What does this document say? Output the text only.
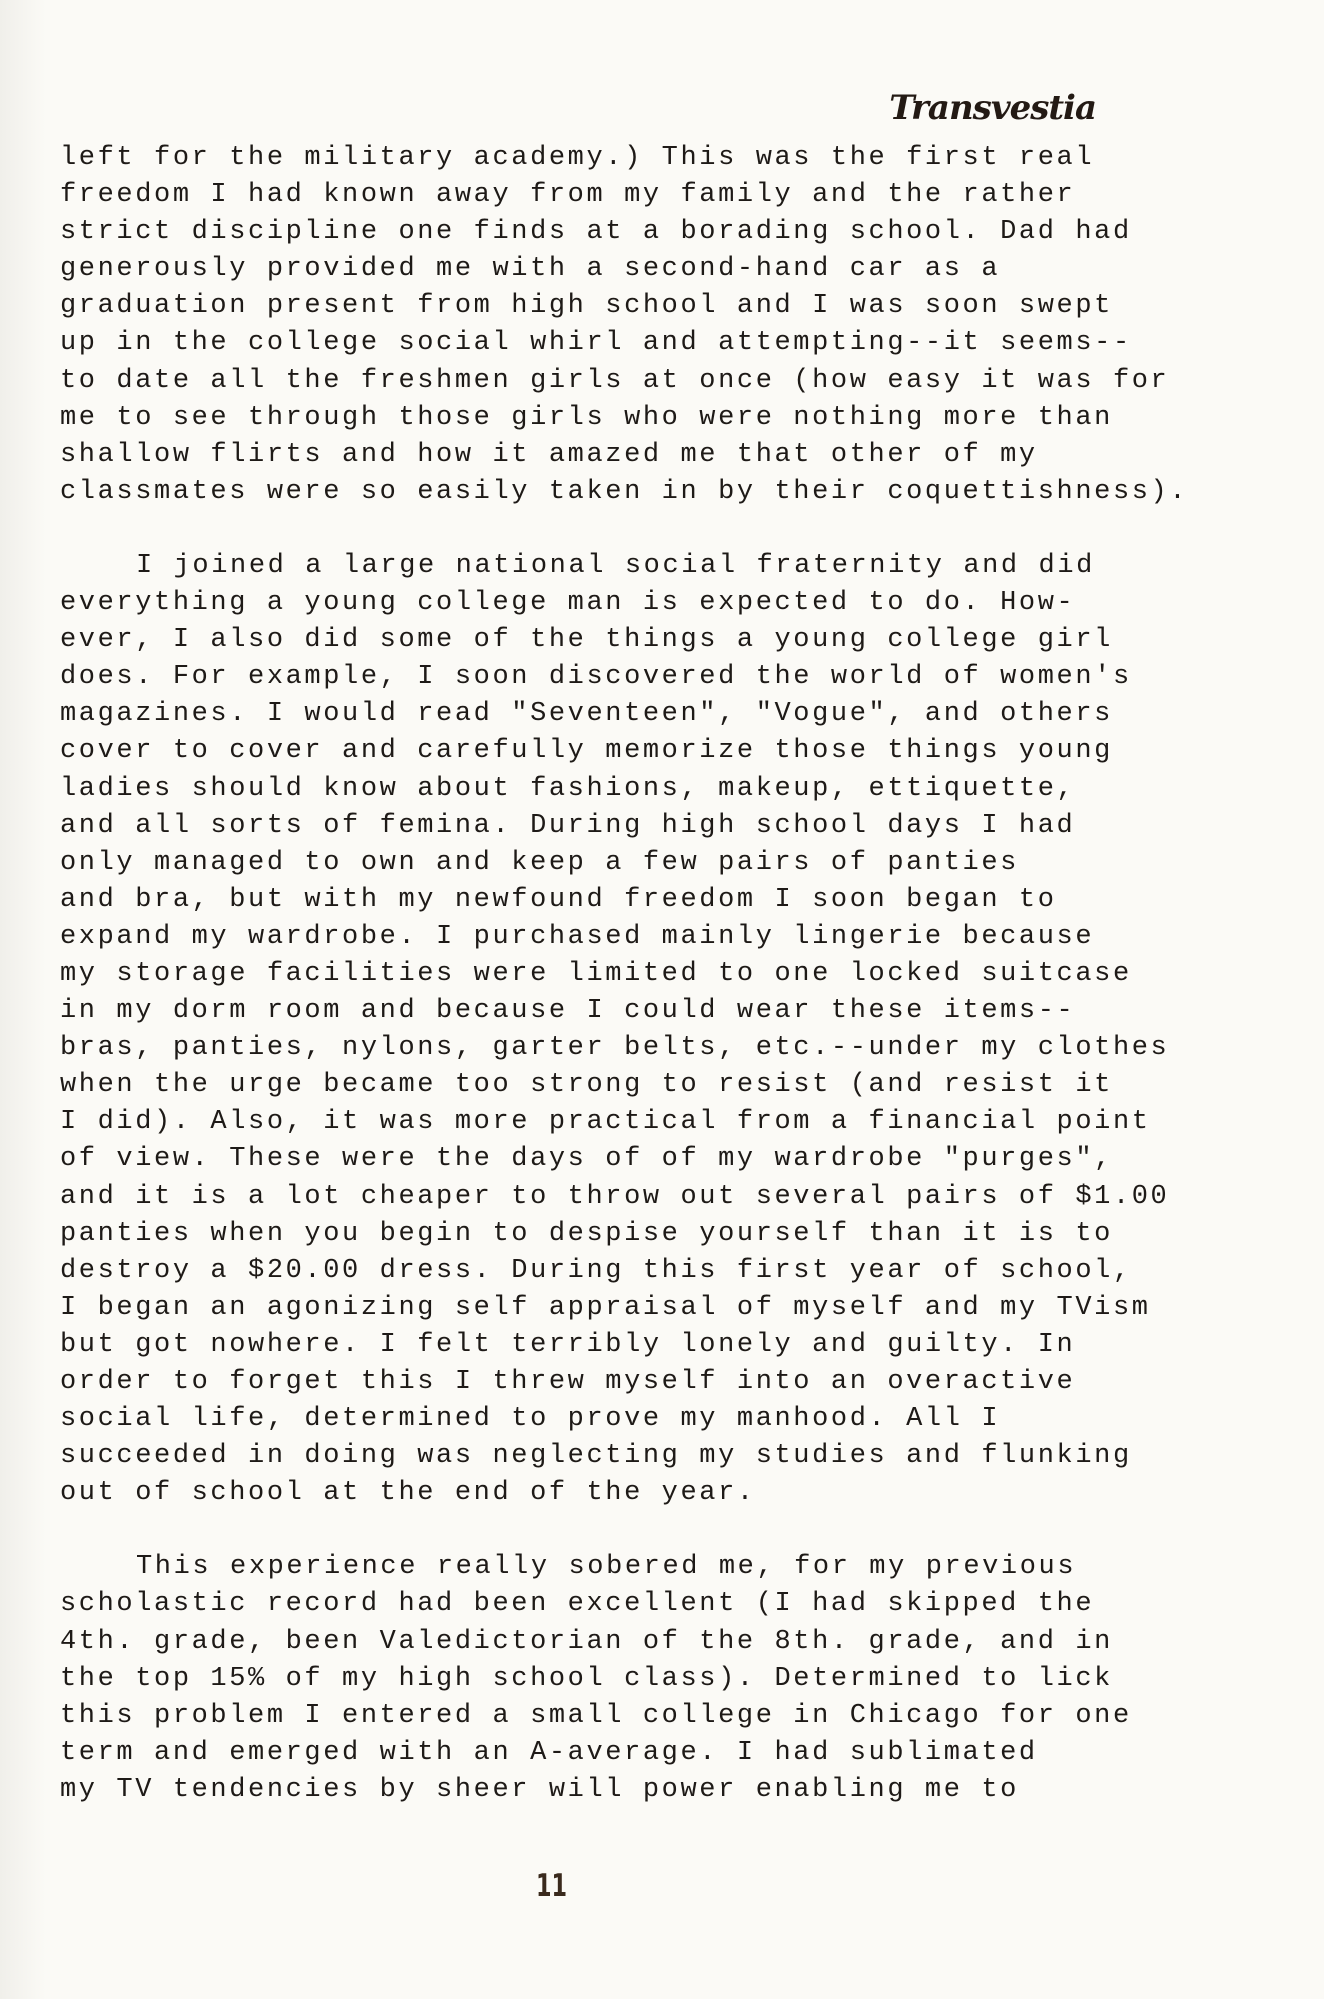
Transvestia

left for the military academy.) This was the first real
freedom I had known away from my family and the rather
strict discipline one finds at a borading school. Dad had
generously provided me with a second-hand car as a
graduation present from high school and I was soon swept
up in the college social whirl and attempting--it seems--
to date all the freshmen girls at once (how easy it was for
me to see through those girls who were nothing more than
shallow flirts and how it amazed me that other of my
classmates were so easily taken in by their coquettishness).

I joined a large national social fraternity and did
everything a young college man is expected to do. How-
ever, I also did some of the things a young college girl
does. For example, I soon discovered the world of women's
magazines. I would read "Seventeen", "Vogue", and others
cover to cover and carefully memorize those things young
ladies should know about fashions, makeup, ettiquette,
and all sorts of femina. During high school days I had
only managed to own and keep a few pairs of panties
and bra, but with my newfound freedom I soon began to
expand my wardrobe. I purchased mainly lingerie because
my storage facilities were limited to one locked suitcase
in my dorm room and because I could wear these items--
bras, panties, nylons, garter belts, etc.--under my clothes
when the urge became too strong to resist (and resist it
I did). Also, it was more practical from a financial point
of view. These were the days of of my wardrobe "purges",
and it is a lot cheaper to throw out several pairs of $1.00
panties when you begin to despise yourself than it is to
destroy a $20.00 dress. During this first year of school,
I began an agonizing self appraisal of myself and my TVism
but got nowhere. I felt terribly lonely and guilty. In
order to forget this I threw myself into an overactive
social life, determined to prove my manhood. All I
succeeded in doing was neglecting my studies and flunking
out of school at the end of the year.

This experience really sobered me, for my previous
scholastic record had been excellent (I had skipped the
4th. grade, been Valedictorian of the 8th. grade, and in
the top 15% of my high school class). Determined to lick
this problem I entered a small college in Chicago for one
term and emerged with an A-average. I had sublimated
my TV tendencies by sheer will power enabling me to

11
